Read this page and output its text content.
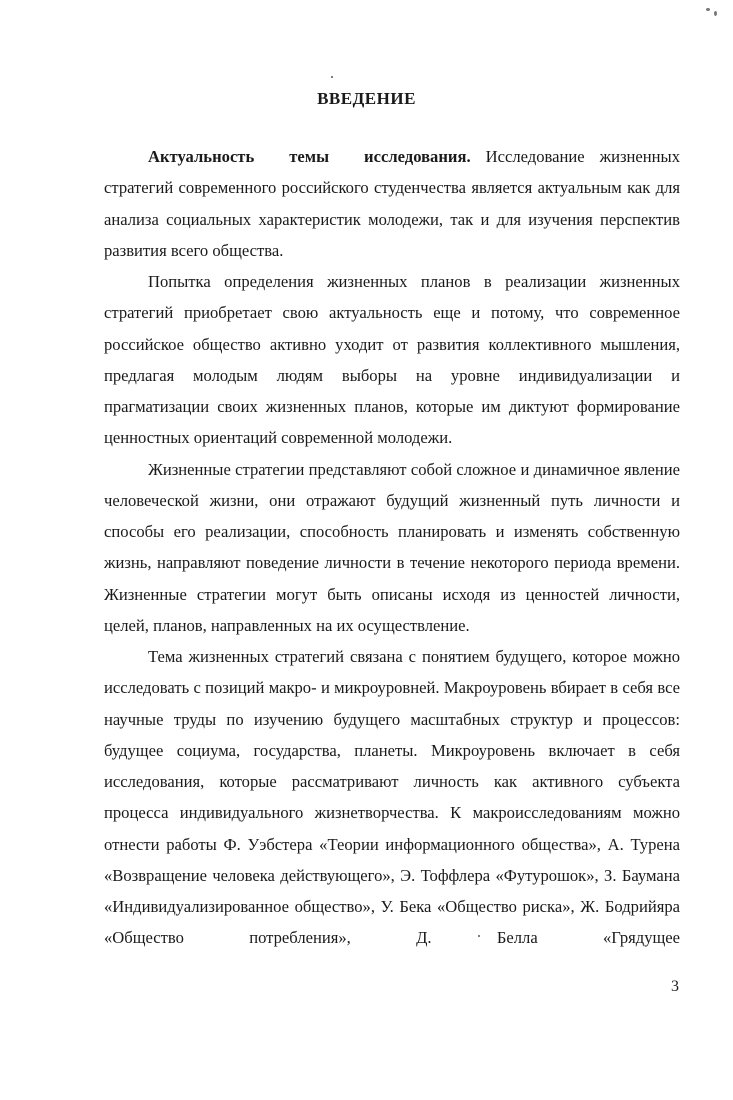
ВВЕДЕНИЕ

Актуальность темы исследования. Исследование жизненных стратегий современного российского студенчества является актуальным как для анализа социальных характеристик молодежи, так и для изучения перспектив развития всего общества.

Попытка определения жизненных планов в реализации жизненных стратегий приобретает свою актуальность еще и потому, что современное российское общество активно уходит от развития коллективного мышления, предлагая молодым людям выборы на уровне индивидуализации и прагматизации своих жизненных планов, которые им диктуют формирование ценностных ориентаций современной молодежи.

Жизненные стратегии представляют собой сложное и динамичное явление человеческой жизни, они отражают будущий жизненный путь личности и способы его реализации, способность планировать и изменять собственную жизнь, направляют поведение личности в течение некоторого периода времени. Жизненные стратегии могут быть описаны исходя из ценностей личности, целей, планов, направленных на их осуществление.

Тема жизненных стратегий связана с понятием будущего, которое можно исследовать с позиций макро- и микроуровней. Макроуровень вбирает в себя все научные труды по изучению будущего масштабных структур и процессов: будущее социума, государства, планеты. Микроуровень включает в себя исследования, которые рассматривают личность как активного субъекта процесса индивидуального жизнетворчества. К макроисследованиям можно отнести работы Ф. Уэбстера «Теории информационного общества», А. Турена «Возвращение человека действующего», Э. Тоффлера «Футурошок», З. Баумана «Индивидуализированное общество», У. Бека «Общество риска», Ж. Бодрийяра «Общество потребления», Д. Белла «Грядущее

3
